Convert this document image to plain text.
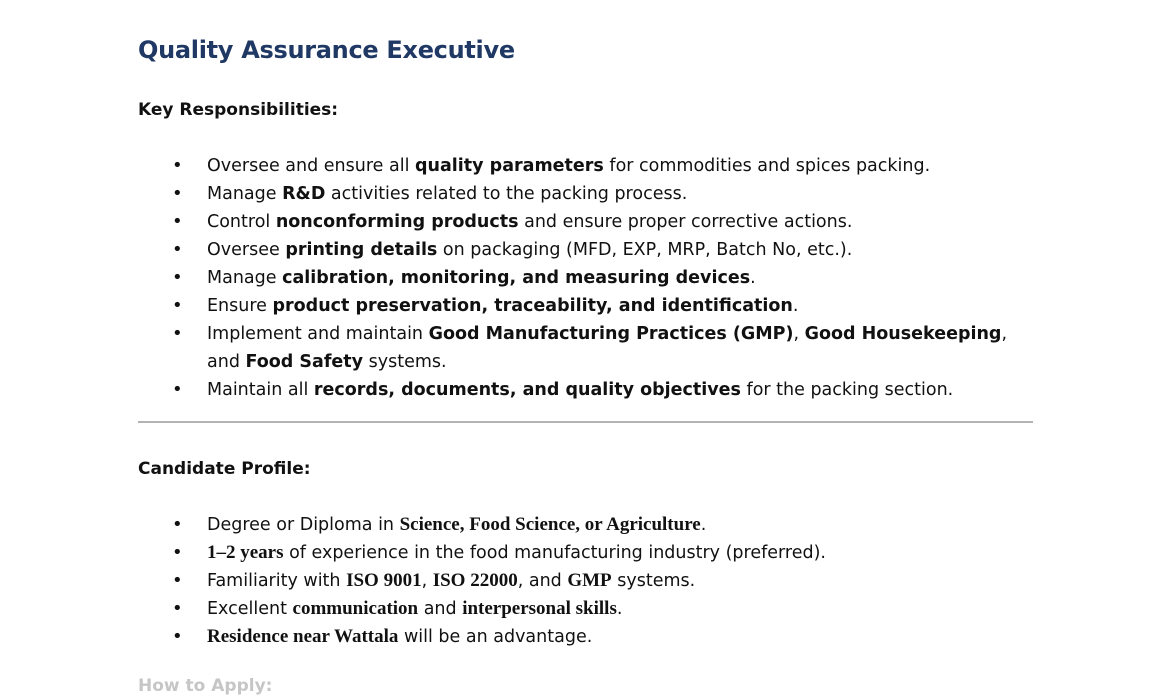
Quality Assurance Executive
Key Responsibilities:
• Oversee and ensure all quality parameters for commodities and spices packing.
• Manage R&D activities related to the packing process.
• Control nonconforming products and ensure proper corrective actions.
• Oversee printing details on packaging (MFD, EXP, MRP, Batch No, etc.).
• Manage calibration, monitoring, and measuring devices.
• Ensure product preservation, traceability, and identification.
• Implement and maintain Good Manufacturing Practices (GMP), Good Housekeeping,
and Food Safety systems.
• Maintain all records, documents, and quality objectives for the packing section.
Candidate Profile:
• Degree or Diploma in Science, Food Science, or Agriculture.
• 1–2 years of experience in the food manufacturing industry (preferred).
• Familiarity with ISO 9001, ISO 22000, and GMP systems.
• Excellent communication and interpersonal skills.
• Residence near Wattala will be an advantage.
How to Apply:
